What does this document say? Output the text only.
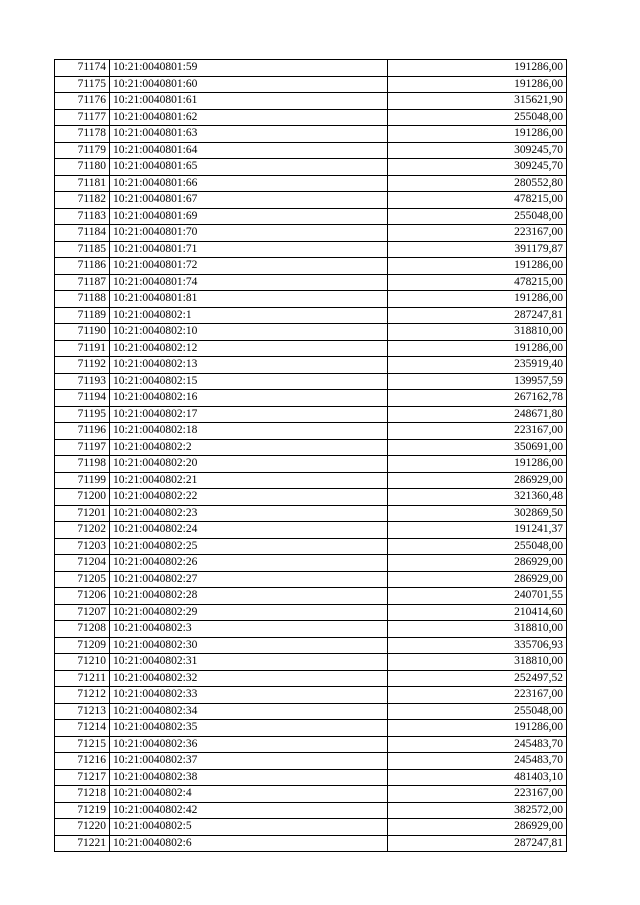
71174	10:21:0040801:59	191286,00
71175	10:21:0040801:60	191286,00
71176	10:21:0040801:61	315621,90
71177	10:21:0040801:62	255048,00
71178	10:21:0040801:63	191286,00
71179	10:21:0040801:64	309245,70
71180	10:21:0040801:65	309245,70
71181	10:21:0040801:66	280552,80
71182	10:21:0040801:67	478215,00
71183	10:21:0040801:69	255048,00
71184	10:21:0040801:70	223167,00
71185	10:21:0040801:71	391179,87
71186	10:21:0040801:72	191286,00
71187	10:21:0040801:74	478215,00
71188	10:21:0040801:81	191286,00
71189	10:21:0040802:1	287247,81
71190	10:21:0040802:10	318810,00
71191	10:21:0040802:12	191286,00
71192	10:21:0040802:13	235919,40
71193	10:21:0040802:15	139957,59
71194	10:21:0040802:16	267162,78
71195	10:21:0040802:17	248671,80
71196	10:21:0040802:18	223167,00
71197	10:21:0040802:2	350691,00
71198	10:21:0040802:20	191286,00
71199	10:21:0040802:21	286929,00
71200	10:21:0040802:22	321360,48
71201	10:21:0040802:23	302869,50
71202	10:21:0040802:24	191241,37
71203	10:21:0040802:25	255048,00
71204	10:21:0040802:26	286929,00
71205	10:21:0040802:27	286929,00
71206	10:21:0040802:28	240701,55
71207	10:21:0040802:29	210414,60
71208	10:21:0040802:3	318810,00
71209	10:21:0040802:30	335706,93
71210	10:21:0040802:31	318810,00
71211	10:21:0040802:32	252497,52
71212	10:21:0040802:33	223167,00
71213	10:21:0040802:34	255048,00
71214	10:21:0040802:35	191286,00
71215	10:21:0040802:36	245483,70
71216	10:21:0040802:37	245483,70
71217	10:21:0040802:38	481403,10
71218	10:21:0040802:4	223167,00
71219	10:21:0040802:42	382572,00
71220	10:21:0040802:5	286929,00
71221	10:21:0040802:6	287247,81
